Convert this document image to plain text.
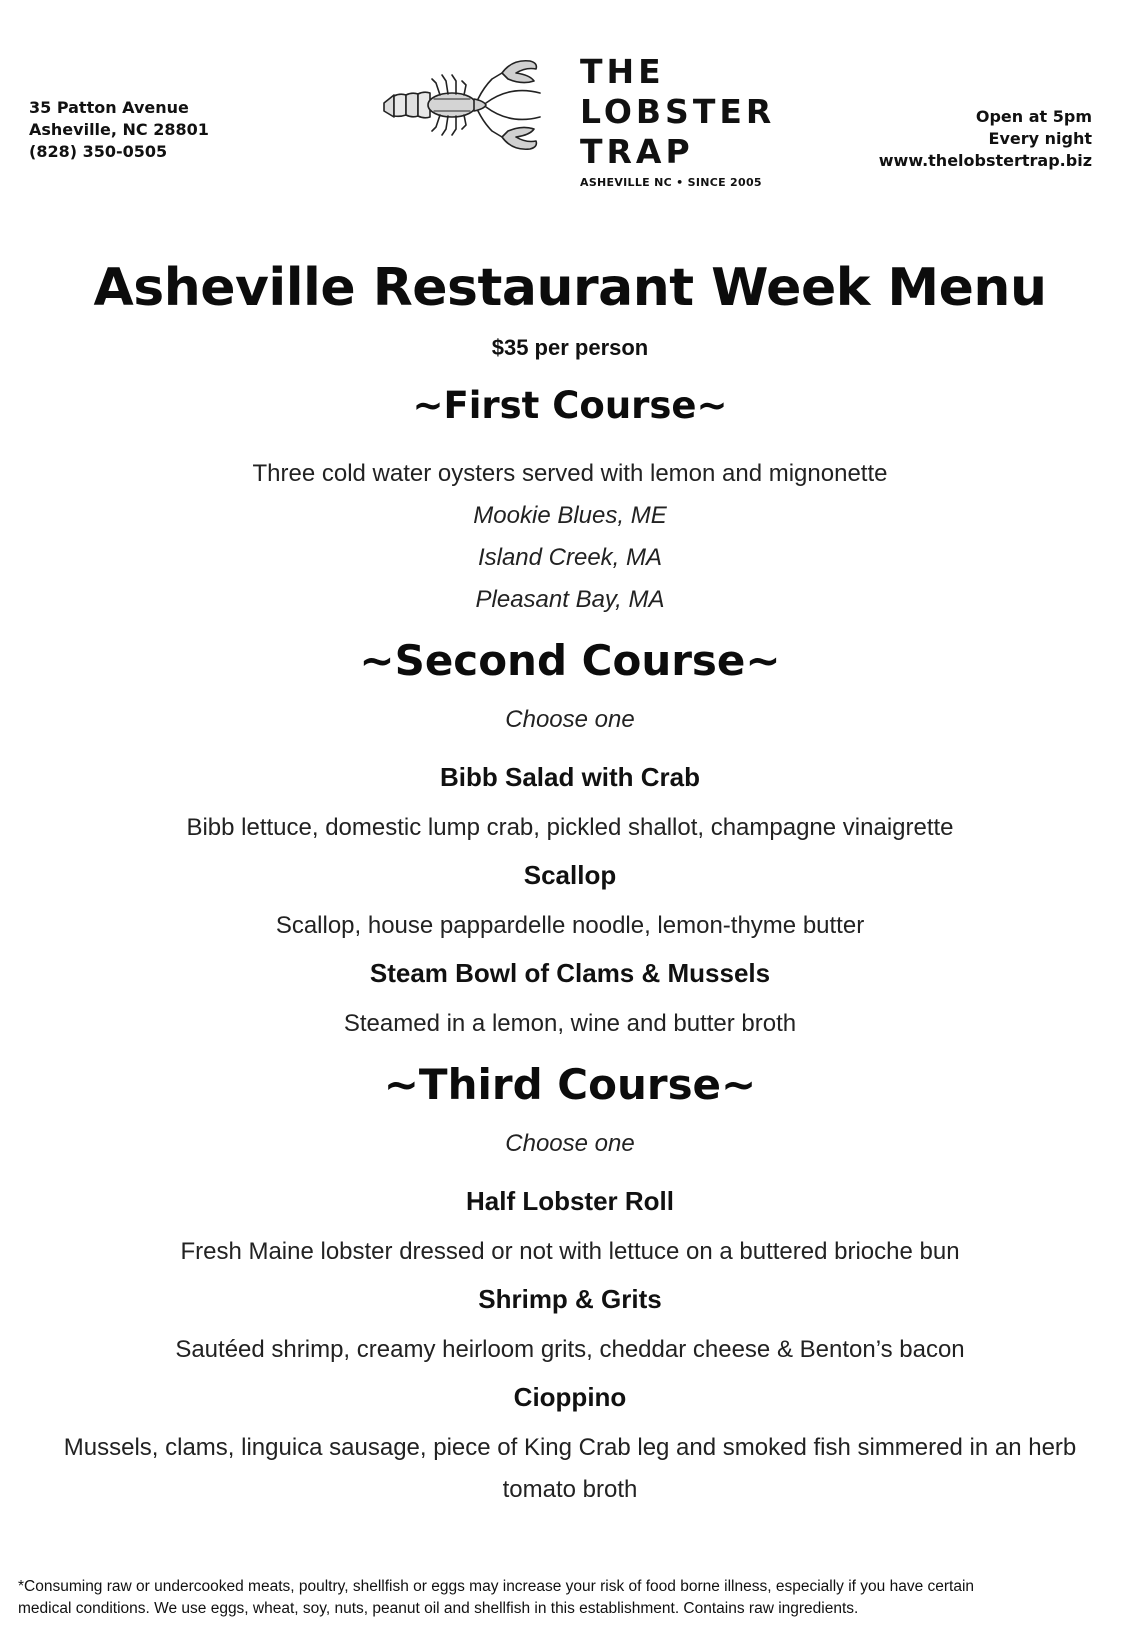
35 Patton Avenue
Asheville, NC 28801
(828) 350-0505
THE
LOBSTER
TRAP
ASHEVILLE NC • SINCE 2005
Open at 5pm
Every night
www.thelobstertrap.biz
Asheville Restaurant Week Menu
$35 per person
~First Course~
Three cold water oysters served with lemon and mignonette
Mookie Blues, ME
Island Creek, MA
Pleasant Bay, MA
~Second Course~
Choose one
Bibb Salad with Crab
Bibb lettuce, domestic lump crab, pickled shallot, champagne vinaigrette
Scallop
Scallop, house pappardelle noodle, lemon-thyme butter
Steam Bowl of Clams & Mussels
Steamed in a lemon, wine and butter broth
~Third Course~
Choose one
Half Lobster Roll
Fresh Maine lobster dressed or not with lettuce on a buttered brioche bun
Shrimp & Grits
Sautéed shrimp, creamy heirloom grits, cheddar cheese & Benton’s bacon
Cioppino
Mussels, clams, linguica sausage, piece of King Crab leg and smoked fish simmered in an herb
tomato broth
*Consuming raw or undercooked meats, poultry, shellfish or eggs may increase your risk of food borne illness, especially if you have certain
medical conditions. We use eggs, wheat, soy, nuts, peanut oil and shellfish in this establishment. Contains raw ingredients.
